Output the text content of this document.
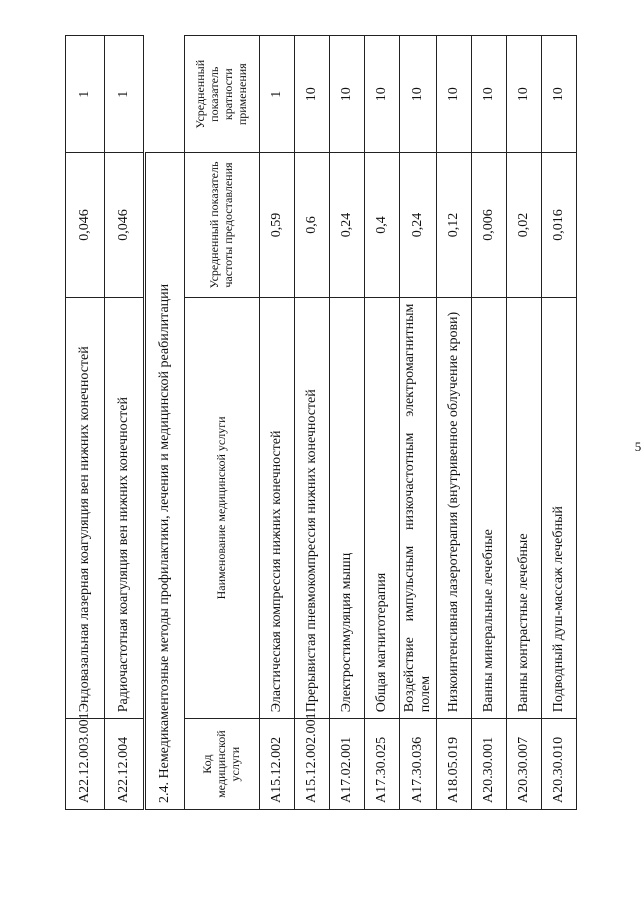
5
A22.12.003.001	Эндовазальная лазерная коагуляция вен нижних конечностей	0,046	1
A22.12.004	Радиочастотная коагуляция вен нижних конечностей	0,046	1
2.4. Немедикаментозные методы профилактики, лечения и медицинской реабилитации			
Код медицинской услуги	Наименование медицинской услуги	Усредненный показатель частоты предоставления	Усредненный показатель кратности применения
A15.12.002	Эластическая компрессия нижних конечностей	0,59	1
A15.12.002.001	Прерывистая пневмокомпрессия нижних конечностей	0,6	10
A17.02.001	Электростимуляция мышц	0,24	10
A17.30.025	Общая магнитотерапия	0,4	10
A17.30.036	Воздействие импульсным низкочастотным электромагнитным полем	0,24	10
A18.05.019	Низкоинтенсивная лазеротерапия (внутривенное облучение крови)	0,12	10
A20.30.001	Ванны минеральные лечебные	0,006	10
A20.30.007	Ванны контрастные лечебные	0,02	10
A20.30.010	Подводный душ-массаж лечебный	0,016	10
